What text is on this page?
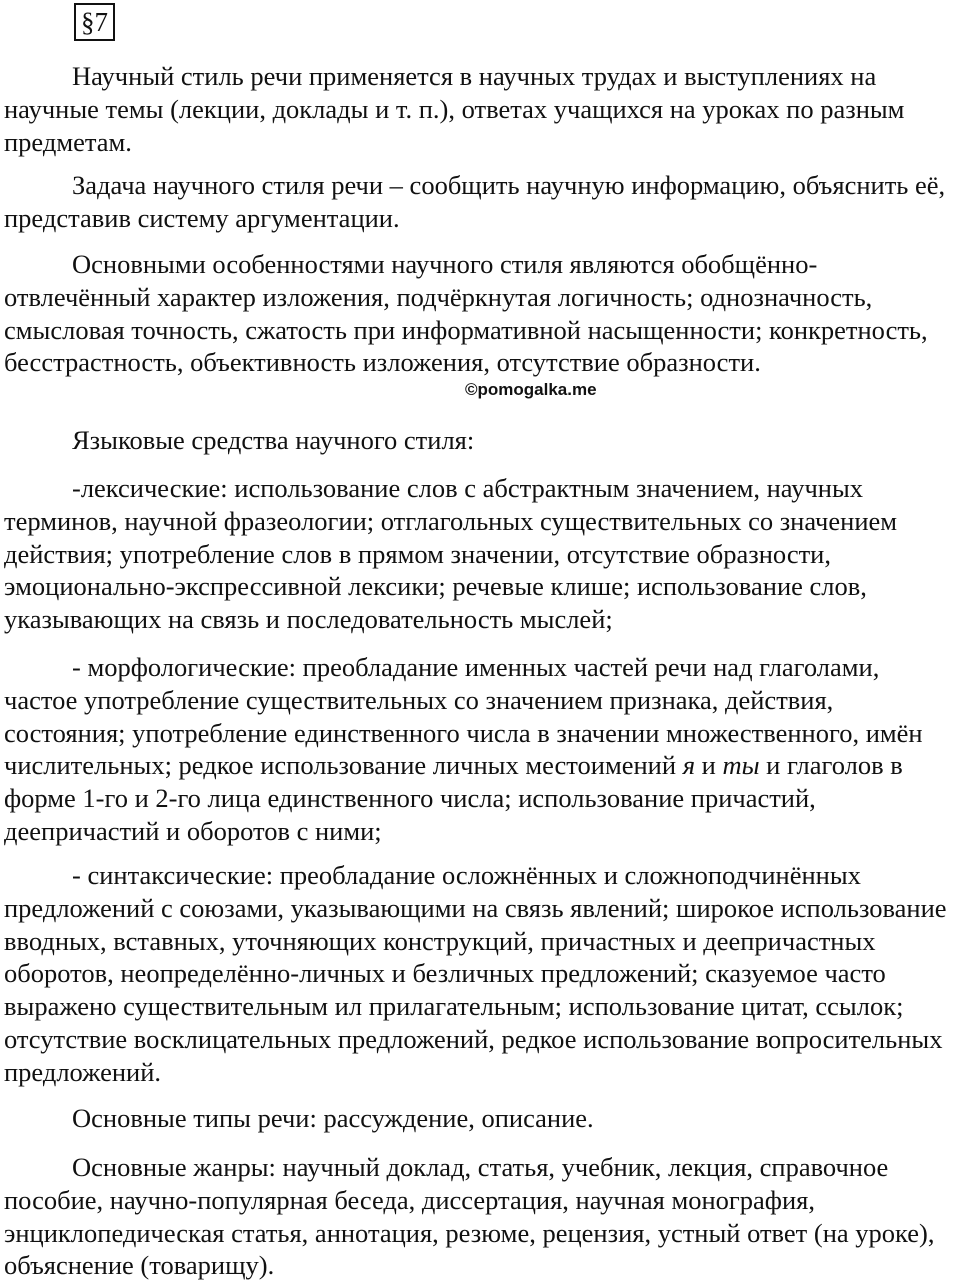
§7

Научный стиль речи применяется в научных трудах и выступлениях на научные темы (лекции, доклады и т. п.), ответах учащихся на уроках по разным предметам.

Задача научного стиля речи – сообщить научную информацию, объяснить её, представив систему аргументации.

Основными особенностями научного стиля являются обобщённо-отвлечённый характер изложения, подчёркнутая логичность; однозначность, смысловая точность, сжатость при информативной насыщенности; конкретность, бесстрастность, объективность изложения, отсутствие образности.

©pomogalka.me

Языковые средства научного стиля:

-лексические: использование слов с абстрактным значением, научных терминов, научной фразеологии; отглагольных существительных со значением действия; употребление слов в прямом значении, отсутствие образности, эмоционально-экспрессивной лексики; речевые клише; использование слов, указывающих на связь и последовательность мыслей;

- морфологические: преобладание именных частей речи над глаголами, частое употребление существительных со значением признака, действия, состояния; употребление единственного числа в значении множественного, имён числительных; редкое использование личных местоимений я и ты и глаголов в форме 1-го и 2-го лица единственного числа; использование причастий, деепричастий и оборотов с ними;

- синтаксические: преобладание осложнённых и сложноподчинённых предложений с союзами, указывающими на связь явлений; широкое использование вводных, вставных, уточняющих конструкций, причастных и деепричастных оборотов, неопределённо-личных и безличных предложений; сказуемое часто выражено существительным ил прилагательным; использование цитат, ссылок; отсутствие восклицательных предложений, редкое использование вопросительных предложений.

Основные типы речи: рассуждение, описание.

Основные жанры: научный доклад, статья, учебник, лекция, справочное пособие, научно-популярная беседа, диссертация, научная монография, энциклопедическая статья, аннотация, резюме, рецензия, устный ответ (на уроке), объяснение (товарищу).
